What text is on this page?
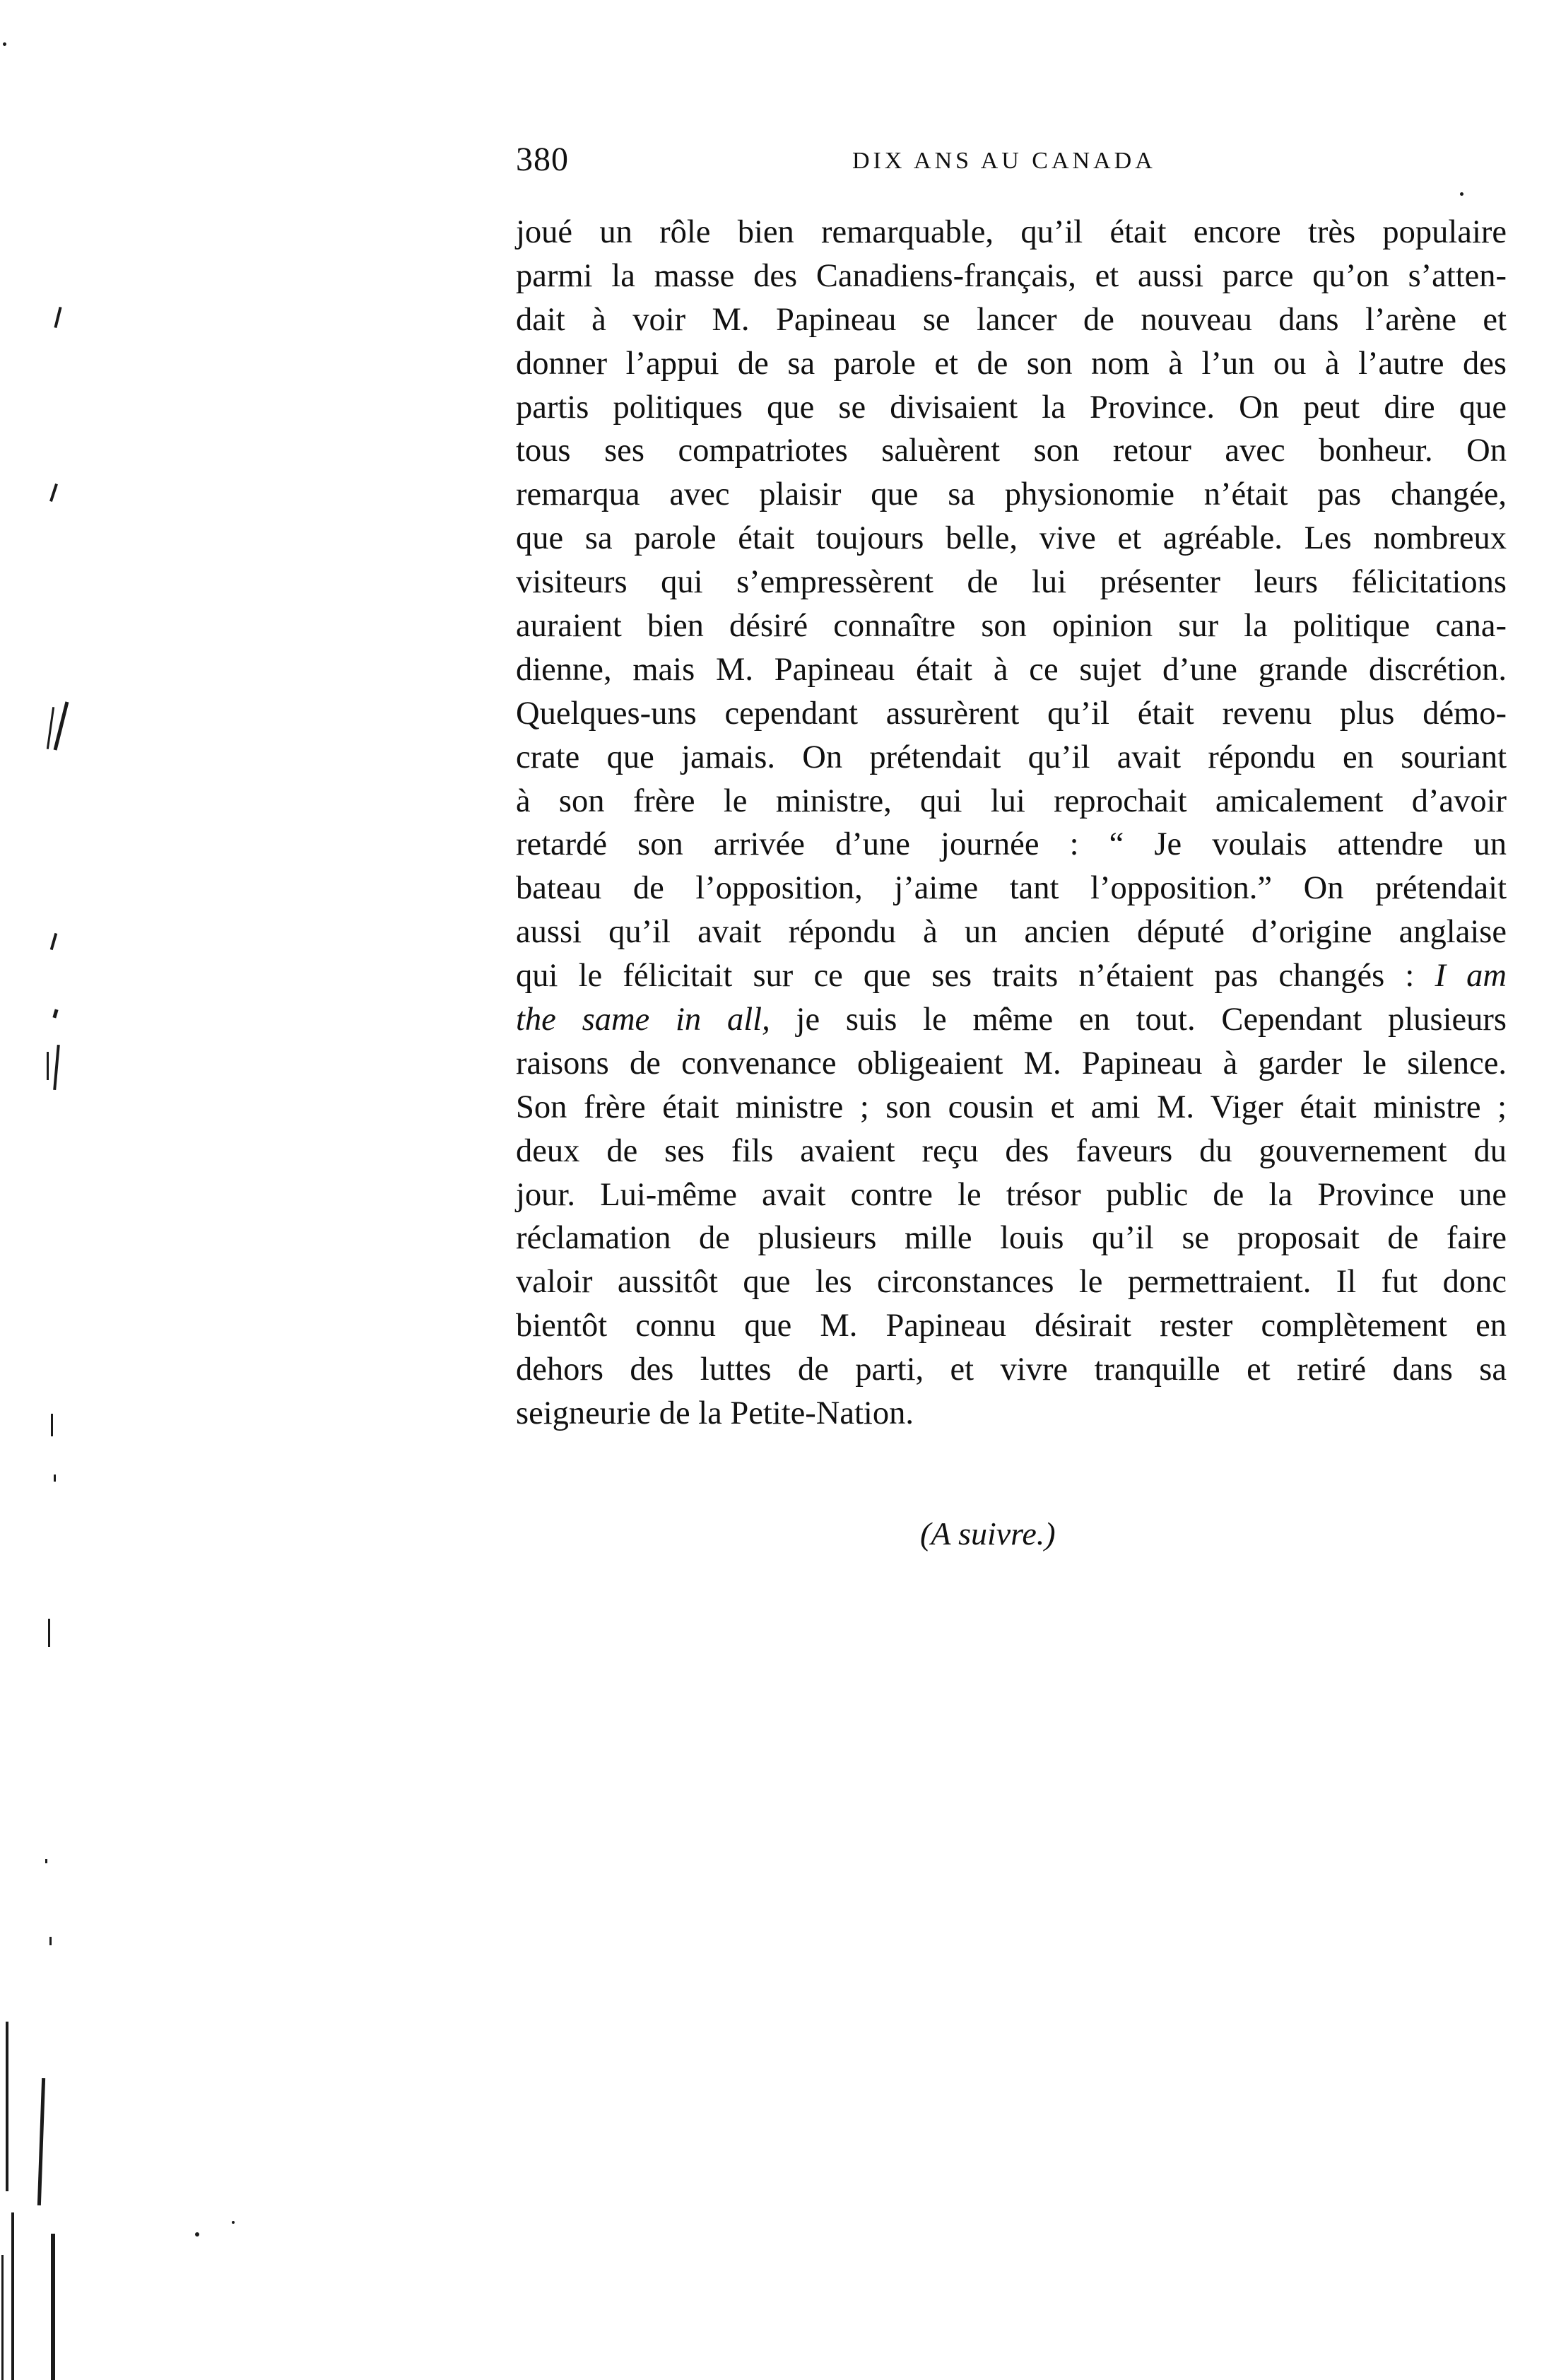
380	DIX ANS AU CANADA
joué un rôle bien remarquable, qu’il était encore très populaire
parmi la masse des Canadiens-français, et aussi parce qu’on s’atten-
dait à voir M. Papineau se lancer de nouveau dans l’arène et
donner l’appui de sa parole et de son nom à l’un ou à l’autre des
partis politiques que se divisaient la Province. On peut dire que
tous ses compatriotes saluèrent son retour avec bonheur. On
remarqua avec plaisir que sa physionomie n’était pas changée,
que sa parole était toujours belle, vive et agréable. Les nombreux
visiteurs qui s’empressèrent de lui présenter leurs félicitations
auraient bien désiré connaître son opinion sur la politique cana-
dienne, mais M. Papineau était à ce sujet d’une grande discrétion.
Quelques-uns cependant assurèrent qu’il était revenu plus démo-
crate que jamais. On prétendait qu’il avait répondu en souriant
à son frère le ministre, qui lui reprochait amicalement d’avoir
retardé son arrivée d’une journée : “ Je voulais attendre un
bateau de l’opposition, j’aime tant l’opposition.” On prétendait
aussi qu’il avait répondu à un ancien député d’origine anglaise
qui le félicitait sur ce que ses traits n’étaient pas changés : I am
the same in all, je suis le même en tout. Cependant plusieurs
raisons de convenance obligeaient M. Papineau à garder le silence.
Son frère était ministre ; son cousin et ami M. Viger était ministre ;
deux de ses fils avaient reçu des faveurs du gouvernement du
jour. Lui-même avait contre le trésor public de la Province une
réclamation de plusieurs mille louis qu’il se proposait de faire
valoir aussitôt que les circonstances le permettraient. Il fut donc
bientôt connu que M. Papineau désirait rester complètement en
dehors des luttes de parti, et vivre tranquille et retiré dans sa
seigneurie de la Petite-Nation.
(A suivre.)
